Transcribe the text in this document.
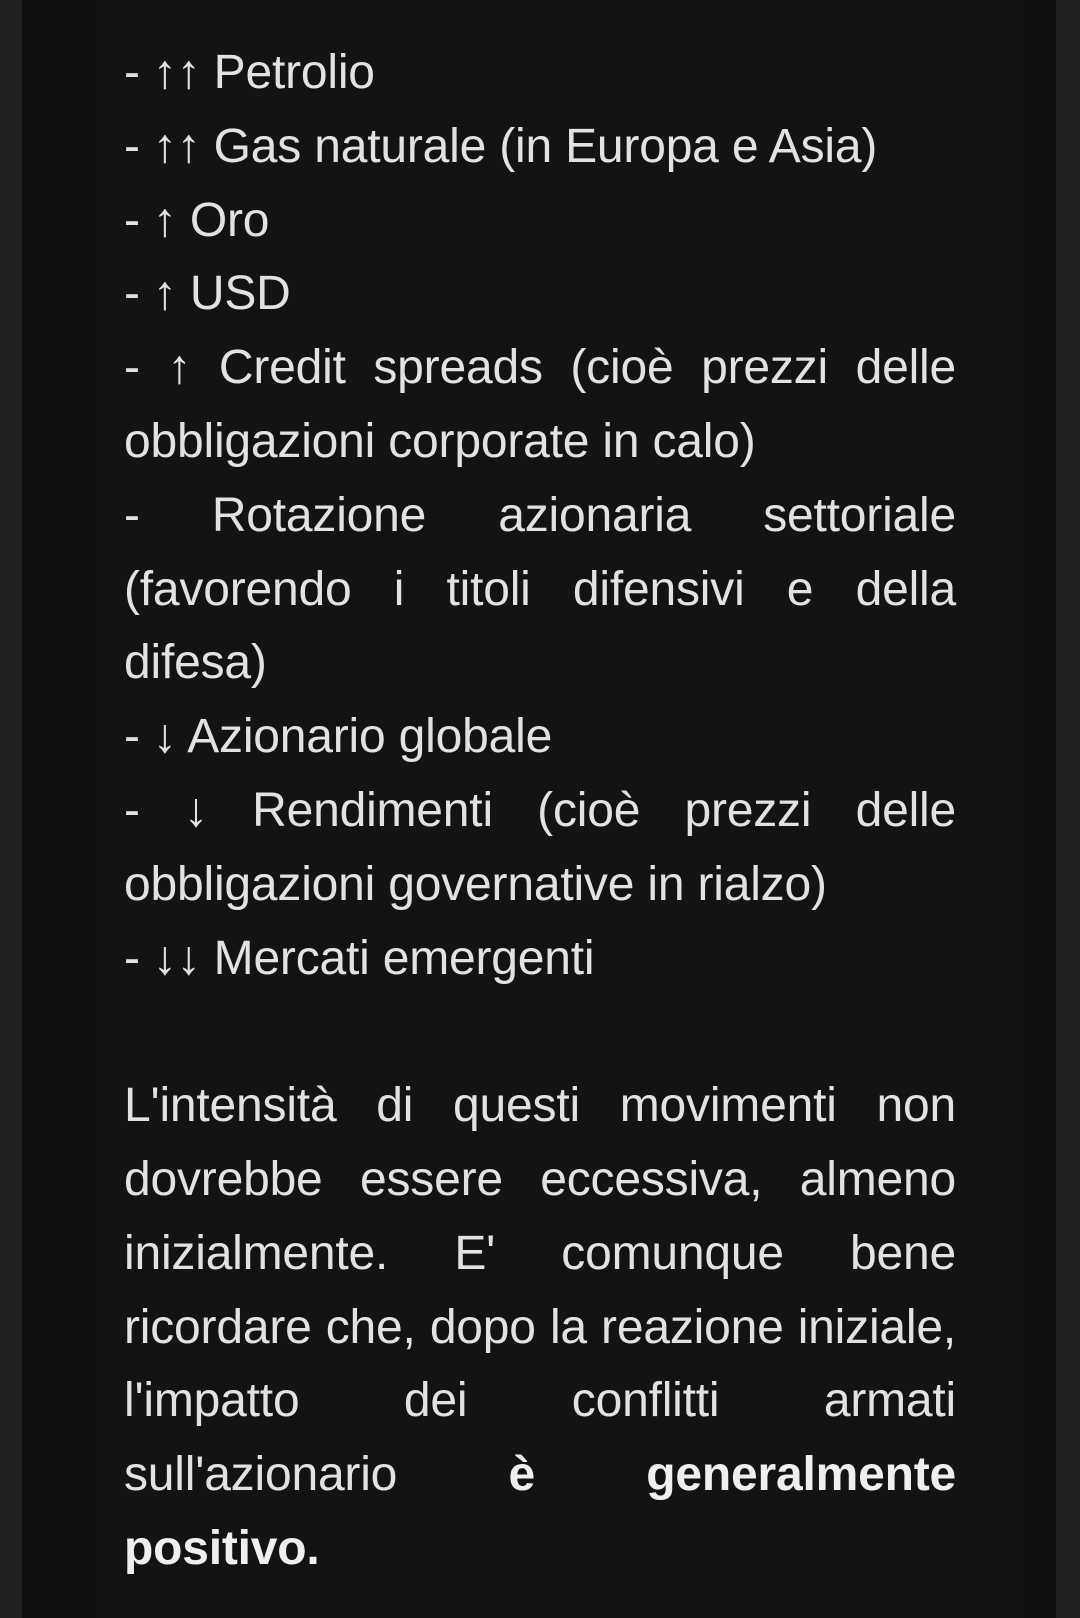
- ↑↑ Petrolio
- ↑↑ Gas naturale (in Europa e Asia)
- ↑ Oro
- ↑ USD
- ↑ Credit spreads (cioè prezzi delle obbligazioni corporate in calo)
- Rotazione azionaria settoriale (favorendo i titoli difensivi e della difesa)
- ↓ Azionario globale
- ↓ Rendimenti (cioè prezzi delle obbligazioni governative in rialzo)
- ↓↓ Mercati emergenti

L'intensità di questi movimenti non dovrebbe essere eccessiva, almeno inizialmente. E' comunque bene ricordare che, dopo la reazione iniziale, l'impatto dei conflitti armati sull'azionario è generalmente positivo.
